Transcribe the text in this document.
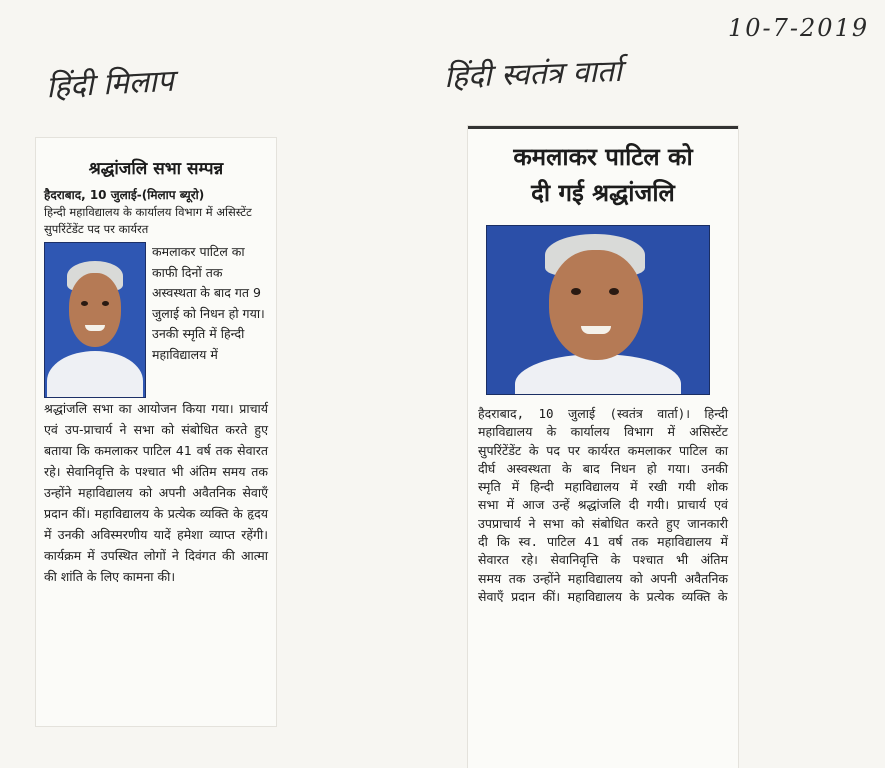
10-7-2019
हिंदी मिलाप	हिंदी स्वतंत्र वार्ता
श्रद्धांजलि सभा सम्पन्न
हैदराबाद, 10 जुलाई-(मिलाप ब्यूरो)
हिन्दी महाविद्यालय के कार्यालय विभाग में असिस्टेंट सुपरिंटेंडेंट पद पर कार्यरत
कमलाकर पाटिल का काफी दिनों तक अस्वस्थता के बाद गत 9 जुलाई को निधन हो गया। उनकी स्मृति में हिन्दी महाविद्यालय में
श्रद्धांजलि सभा का आयोजन किया गया। प्राचार्य एवं उप-प्राचार्य ने सभा को संबोधित करते हुए बताया कि कमलाकर पाटिल 41 वर्ष तक सेवारत रहे। सेवानिवृत्ति के पश्चात भी अंतिम समय तक उन्होंने महाविद्यालय को अपनी अवैतनिक सेवाएँ प्रदान कीं। महाविद्यालय के प्रत्येक व्यक्ति के हृदय में उनकी अविस्मरणीय यादें हमेशा व्याप्त रहेंगी। कार्यक्रम में उपस्थित लोगों ने दिवंगत की आत्मा की शांति के लिए कामना की।
कमलाकर पाटिल को
दी गई श्रद्धांजलि
हैदराबाद, 10 जुलाई (स्वतंत्र वार्ता)। हिन्दी महाविद्यालय के कार्यालय विभाग में असिस्टेंट सुपरिंटेंडेंट के पद पर कार्यरत कमलाकर पाटिल का दीर्घ अस्वस्थता के बाद निधन हो गया। उनकी स्मृति में हिन्दी महाविद्यालय में रखी गयी शोक सभा में आज उन्हें श्रद्धांजलि दी गयी। प्राचार्य एवं उपप्राचार्य ने सभा को संबोधित करते हुए जानकारी दी कि स्व. पाटिल 41 वर्ष तक महाविद्यालय में सेवारत रहे। सेवानिवृत्ति के पश्चात भी अंतिम समय तक उन्होंने महाविद्यालय को अपनी अवैतनिक सेवाएँ प्रदान कीं। महाविद्यालय के प्रत्येक व्यक्ति के
